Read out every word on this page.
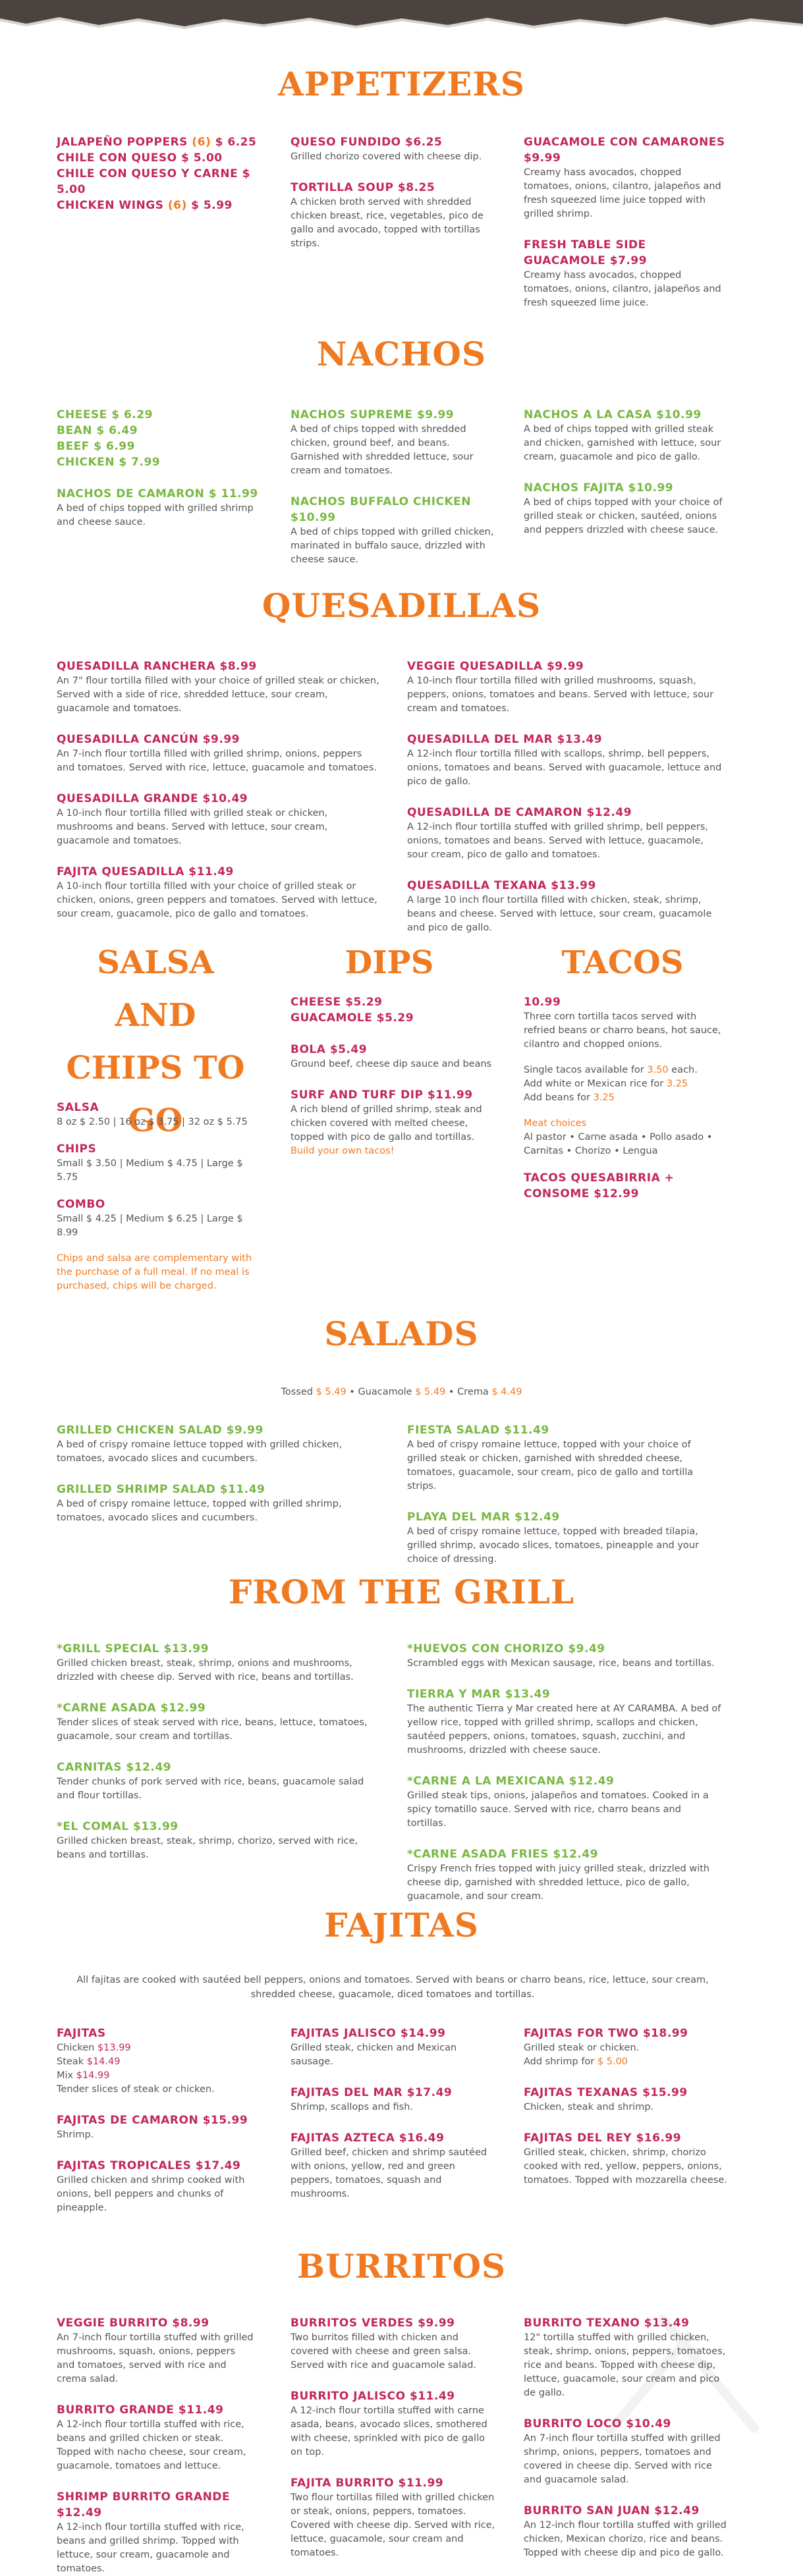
APPETIZERS
JALAPEÑO POPPERS (6) $ 6.25
CHILE CON QUESO $ 5.00
CHILE CON QUESO Y CARNE $ 5.00
CHICKEN WINGS (6) $ 5.99
QUESO FUNDIDO $6.25
Grilled chorizo covered with cheese dip.
TORTILLA SOUP $8.25
A chicken broth served with shredded chicken breast, rice, vegetables, pico de gallo and avocado, topped with tortillas strips.
GUACAMOLE CON CAMARONES $9.99
Creamy hass avocados, chopped tomatoes, onions, cilantro, jalapeños and fresh squeezed lime juice topped with grilled shrimp.
FRESH TABLE SIDE GUACAMOLE $7.99
Creamy hass avocados, chopped tomatoes, onions, cilantro, jalapeños and fresh squeezed lime juice.
NACHOS
CHEESE $ 6.29
BEAN $ 6.49
BEEF $ 6.99
CHICKEN $ 7.99
NACHOS DE CAMARON $ 11.99
A bed of chips topped with grilled shrimp and cheese sauce.
NACHOS SUPREME $9.99
A bed of chips topped with shredded chicken, ground beef, and beans. Garnished with shredded lettuce, sour cream and tomatoes.
NACHOS BUFFALO CHICKEN $10.99
A bed of chips topped with grilled chicken, marinated in buffalo sauce, drizzled with cheese sauce.
NACHOS A LA CASA $10.99
A bed of chips topped with grilled steak and chicken, garnished with lettuce, sour cream, guacamole and pico de gallo.
NACHOS FAJITA $10.99
A bed of chips topped with your choice of grilled steak or chicken, sautéed, onions and peppers drizzled with cheese sauce.
QUESADILLAS
QUESADILLA RANCHERA $8.99
An 7" flour tortilla filled with your choice of grilled steak or chicken, Served with a side of rice, shredded lettuce, sour cream, guacamole and tomatoes.
QUESADILLA CANCÚN $9.99
An 7-inch flour tortilla filled with grilled shrimp, onions, peppers and tomatoes. Served with rice, lettuce, guacamole and tomatoes.
QUESADILLA GRANDE $10.49
A 10-inch flour tortilla filled with grilled steak or chicken, mushrooms and beans. Served with lettuce, sour cream, guacamole and tomatoes.
FAJITA QUESADILLA $11.49
A 10-inch flour tortilla filled with your choice of grilled steak or chicken, onions, green peppers and tomatoes. Served with lettuce, sour cream, guacamole, pico de gallo and tomatoes.
VEGGIE QUESADILLA $9.99
A 10-inch flour tortilla filled with grilled mushrooms, squash, peppers, onions, tomatoes and beans. Served with lettuce, sour cream and tomatoes.
QUESADILLA DEL MAR $13.49
A 12-inch flour tortilla filled with scallops, shrimp, bell peppers, onions, tomatoes and beans. Served with guacamole, lettuce and pico de gallo.
QUESADILLA DE CAMARON $12.49
A 12-inch flour tortilla stuffed with grilled shrimp, bell peppers, onions, tomatoes and beans. Served with lettuce, guacamole, sour cream, pico de gallo and tomatoes.
QUESADILLA TEXANA $13.99
A large 10 inch flour tortilla filled with chicken, steak, shrimp, beans and cheese. Served with lettuce, sour cream, guacamole and pico de gallo.
SALSA AND CHIPS TO GO
SALSA
8 oz $ 2.50 | 16 oz $ 3.75 | 32 oz $ 5.75
CHIPS
Small $ 3.50 | Medium $ 4.75 | Large $ 5.75
COMBO
Small $ 4.25 | Medium $ 6.25 | Large $ 8.99
Chips and salsa are complementary with the purchase of a full meal. If no meal is purchased, chips will be charged.
DIPS
CHEESE $5.29
GUACAMOLE $5.29
BOLA $5.49
Ground beef, cheese dip sauce and beans
SURF AND TURF DIP $11.99
A rich blend of grilled shrimp, steak and chicken covered with melted cheese, topped with pico de gallo and tortillas.
Build your own tacos!
TACOS
10.99
Three corn tortilla tacos served with refried beans or charro beans, hot sauce, cilantro and chopped onions.
Single tacos available for 3.50 each.
Add white or Mexican rice for 3.25
Add beans for 3.25
Meat choices
Al pastor • Carne asada • Pollo asado • Carnitas • Chorizo • Lengua
TACOS QUESABIRRIA + CONSOME $12.99
SALADS
Tossed $ 5.49 • Guacamole $ 5.49 • Crema $ 4.49
GRILLED CHICKEN SALAD $9.99
A bed of crispy romaine lettuce topped with grilled chicken, tomatoes, avocado slices and cucumbers.
GRILLED SHRIMP SALAD $11.49
A bed of crispy romaine lettuce, topped with grilled shrimp, tomatoes, avocado slices and cucumbers.
FIESTA SALAD $11.49
A bed of crispy romaine lettuce, topped with your choice of grilled steak or chicken, garnished with shredded cheese, tomatoes, guacamole, sour cream, pico de gallo and tortilla strips.
PLAYA DEL MAR $12.49
A bed of crispy romaine lettuce, topped with breaded tilapia, grilled shrimp, avocado slices, tomatoes, pineapple and your choice of dressing.
FROM THE GRILL
*GRILL SPECIAL $13.99
Grilled chicken breast, steak, shrimp, onions and mushrooms, drizzled with cheese dip. Served with rice, beans and tortillas.
*CARNE ASADA $12.99
Tender slices of steak served with rice, beans, lettuce, tomatoes, guacamole, sour cream and tortillas.
CARNITAS $12.49
Tender chunks of pork served with rice, beans, guacamole salad and flour tortillas.
*EL COMAL $13.99
Grilled chicken breast, steak, shrimp, chorizo, served with rice, beans and tortillas.
*HUEVOS CON CHORIZO $9.49
Scrambled eggs with Mexican sausage, rice, beans and tortillas.
TIERRA Y MAR $13.49
The authentic Tierra y Mar created here at AY CARAMBA. A bed of yellow rice, topped with grilled shrimp, scallops and chicken, sautéed peppers, onions, tomatoes, squash, zucchini, and mushrooms, drizzled with cheese sauce.
*CARNE A LA MEXICANA $12.49
Grilled steak tips, onions, jalapeños and tomatoes. Cooked in a spicy tomatillo sauce. Served with rice, charro beans and tortillas.
*CARNE ASADA FRIES $12.49
Crispy French fries topped with juicy grilled steak, drizzled with cheese dip, garnished with shredded lettuce, pico de gallo, guacamole, and sour cream.
FAJITAS
All fajitas are cooked with sautéed bell peppers, onions and tomatoes. Served with beans or charro beans, rice, lettuce, sour cream, shredded cheese, guacamole, diced tomatoes and tortillas.
FAJITAS
Chicken $13.99
Steak $14.49
Mix $14.99
Tender slices of steak or chicken.
FAJITAS DE CAMARON $15.99
Shrimp.
FAJITAS TROPICALES $17.49
Grilled chicken and shrimp cooked with onions, bell peppers and chunks of pineapple.
FAJITAS JALISCO $14.99
Grilled steak, chicken and Mexican sausage.
FAJITAS DEL MAR $17.49
Shrimp, scallops and fish.
FAJITAS AZTECA $16.49
Grilled beef, chicken and shrimp sautéed with onions, yellow, red and green peppers, tomatoes, squash and mushrooms.
FAJITAS FOR TWO $18.99
Grilled steak or chicken.
Add shrimp for $ 5.00
FAJITAS TEXANAS $15.99
Chicken, steak and shrimp.
FAJITAS DEL REY $16.99
Grilled steak, chicken, shrimp, chorizo cooked with red, yellow, peppers, onions, tomatoes. Topped with mozzarella cheese.
BURRITOS
VEGGIE BURRITO $8.99
An 7-inch flour tortilla stuffed with grilled mushrooms, squash, onions, peppers and tomatoes, served with rice and crema salad.
BURRITO GRANDE $11.49
A 12-inch flour tortilla stuffed with rice, beans and grilled chicken or steak. Topped with nacho cheese, sour cream, guacamole, tomatoes and lettuce.
SHRIMP BURRITO GRANDE $12.49
A 12-inch flour tortilla stuffed with rice, beans and grilled shrimp. Topped with lettuce, sour cream, guacamole and tomatoes.
BURRITOS VERDES $9.99
Two burritos filled with chicken and covered with cheese and green salsa. Served with rice and guacamole salad.
BURRITO JALISCO $11.49
A 12-inch flour tortilla stuffed with carne asada, beans, avocado slices, smothered with cheese, sprinkled with pico de gallo on top.
FAJITA BURRITO $11.99
Two flour tortillas filled with grilled chicken or steak, onions, peppers, tomatoes. Covered with cheese dip. Served with rice, lettuce, guacamole, sour cream and tomatoes.
BURRITO TEXANO $13.49
12" tortilla stuffed with grilled chicken, steak, shrimp, onions, peppers, tomatoes, rice and beans. Topped with cheese dip, lettuce, guacamole, sour cream and pico de gallo.
BURRITO LOCO $10.49
An 7-inch flour tortilla stuffed with grilled shrimp, onions, peppers, tomatoes and covered in cheese dip. Served with rice and guacamole salad.
BURRITO SAN JUAN $12.49
An 12-inch flour tortilla stuffed with grilled chicken, Mexican chorizo, rice and beans. Topped with cheese dip and pico de gallo.
